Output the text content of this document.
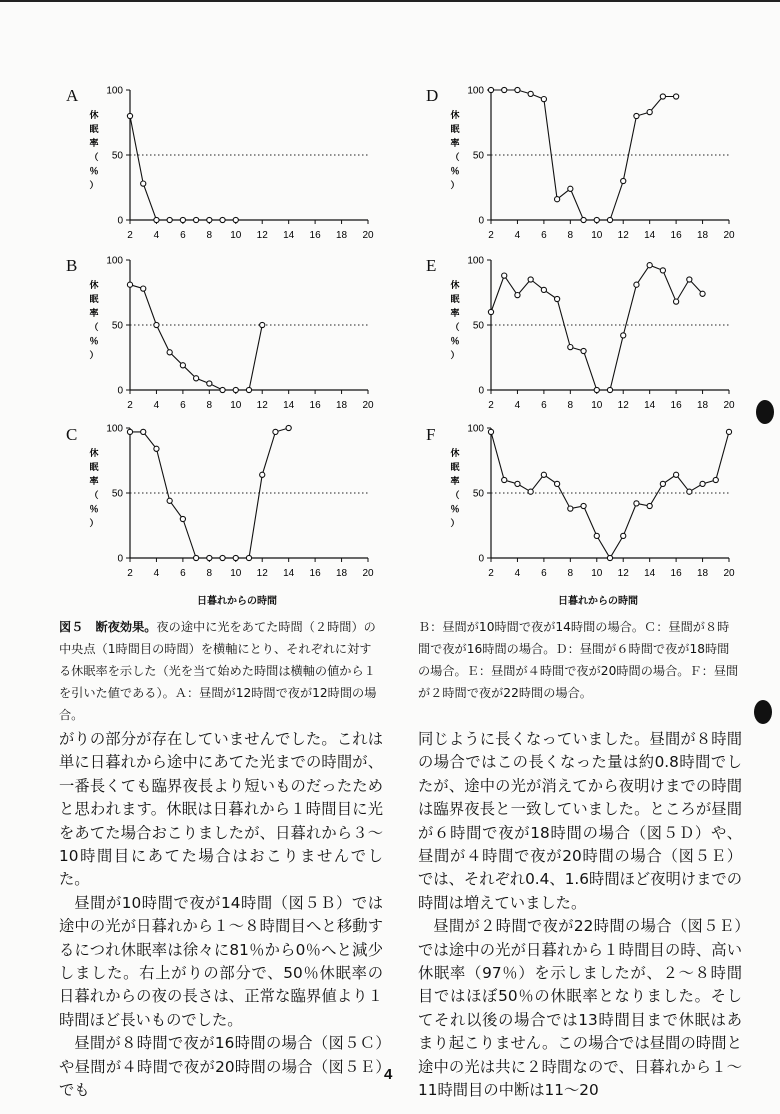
A
B
C
D
E
F
0
50
100
2 4 6 8 10 12 14 16 18 20
休眠率（％）
0
50
100
2 4 6 8 10 12 14 16 18 20
休眠率（％）
0
50
100
2 4 6 8 10 12 14 16 18 20
休眠率（％）
0
50
100
2 4 6 8 10 12 14 16 18 20
休眠率（％）
0
50
100
2 4 6 8 10 12 14 16 18 20
休眠率（％）
0
50
100
2 4 6 8 10 12 14 16 18 20
休眠率（％）
日暮れからの時間	日暮れからの時間
図５　断夜効果。夜の途中に光をあてた時間（２時間）の中央点（1時間目の時間）を横軸にとり、それぞれに対する休眠率を示した（光を当て始めた時間は横軸の値から１を引いた値である）。Ａ：昼間が12時間で夜が12時間の場合。
Ｂ：昼間が10時間で夜が14時間の場合。Ｃ：昼間が８時間で夜が16時間の場合。Ｄ：昼間が６時間で夜が18時間の場合。Ｅ：昼間が４時間で夜が20時間の場合。Ｆ：昼間が２時間で夜が22時間の場合。

がりの部分が存在していませんでした。これは単に日暮れから途中にあてた光までの時間が、一番長くても臨界夜長より短いものだったためと思われます。休眠は日暮れから１時間目に光をあてた場合おこりましたが、日暮れから３〜10時間目にあてた場合はおこりませんでした。

昼間が10時間で夜が14時間（図５Ｂ）では途中の光が日暮れから１〜８時間目へと移動するにつれ休眠率は徐々に81％から0％へと減少しました。右上がりの部分で、50％休眠率の日暮れからの夜の長さは、正常な臨界値より１時間ほど長いものでした。

昼間が８時間で夜が16時間の場合（図５Ｃ）や昼間が４時間で夜が20時間の場合（図５Ｅ）でも

同じように長くなっていました。昼間が８時間の場合ではこの長くなった量は約0.8時間でしたが、途中の光が消えてから夜明けまでの時間は臨界夜長と一致していました。ところが昼間が６時間で夜が18時間の場合（図５Ｄ）や、昼間が４時間で夜が20時間の場合（図５Ｅ）では、それぞれ0.4、1.6時間ほど夜明けまでの時間は増えていました。

昼間が２時間で夜が22時間の場合（図５Ｅ）では途中の光が日暮れから１時間目の時、高い休眠率（97％）を示しましたが、２〜８時間目ではほぼ50％の休眠率となりました。そしてそれ以後の場合では13時間目まで休眠はあまり起こりません。この場合では昼間の時間と途中の光は共に２時間なので、日暮れから１〜11時間目の中断は11〜20

4
